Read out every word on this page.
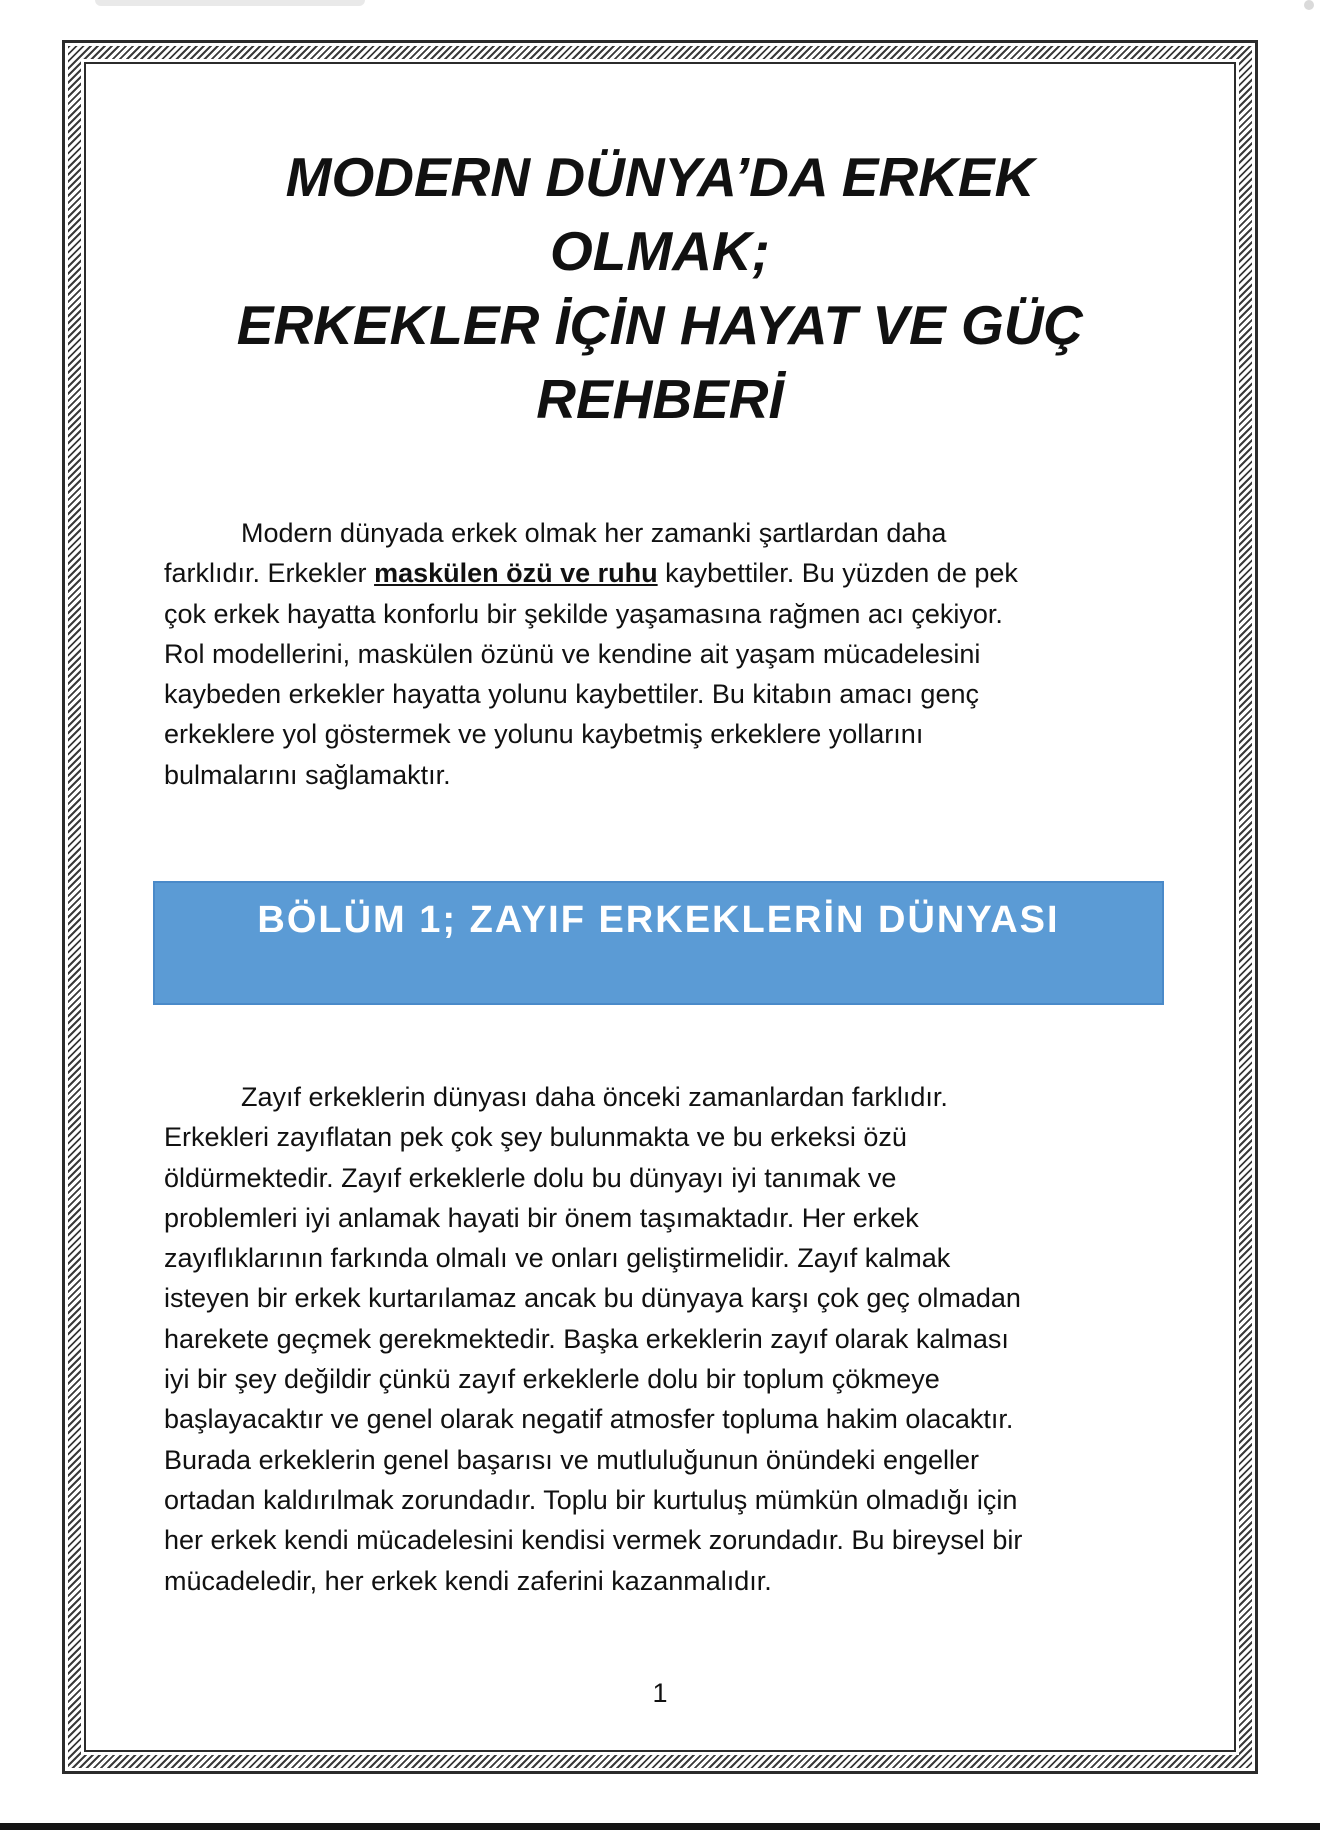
MODERN DÜNYA’DA ERKEK
OLMAK;
ERKEKLER İÇİN HAYAT VE GÜÇ
REHBERİ

Modern dünyada erkek olmak her zamanki şartlardan daha
farklıdır. Erkekler maskülen özü ve ruhu kaybettiler. Bu yüzden de pek
çok erkek hayatta konforlu bir şekilde yaşamasına rağmen acı çekiyor.
Rol modellerini, maskülen özünü ve kendine ait yaşam mücadelesini
kaybeden erkekler hayatta yolunu kaybettiler. Bu kitabın amacı genç
erkeklere yol göstermek ve yolunu kaybetmiş erkeklere yollarını
bulmalarını sağlamaktır.

BÖLÜM 1; ZAYIF ERKEKLERİN DÜNYASI

Zayıf erkeklerin dünyası daha önceki zamanlardan farklıdır.
Erkekleri zayıflatan pek çok şey bulunmakta ve bu erkeksi özü
öldürmektedir. Zayıf erkeklerle dolu bu dünyayı iyi tanımak ve
problemleri iyi anlamak hayati bir önem taşımaktadır. Her erkek
zayıflıklarının farkında olmalı ve onları geliştirmelidir. Zayıf kalmak
isteyen bir erkek kurtarılamaz ancak bu dünyaya karşı çok geç olmadan
harekete geçmek gerekmektedir. Başka erkeklerin zayıf olarak kalması
iyi bir şey değildir çünkü zayıf erkeklerle dolu bir toplum çökmeye
başlayacaktır ve genel olarak negatif atmosfer topluma hakim olacaktır.
Burada erkeklerin genel başarısı ve mutluluğunun önündeki engeller
ortadan kaldırılmak zorundadır. Toplu bir kurtuluş mümkün olmadığı için
her erkek kendi mücadelesini kendisi vermek zorundadır. Bu bireysel bir
mücadeledir, her erkek kendi zaferini kazanmalıdır.

1
